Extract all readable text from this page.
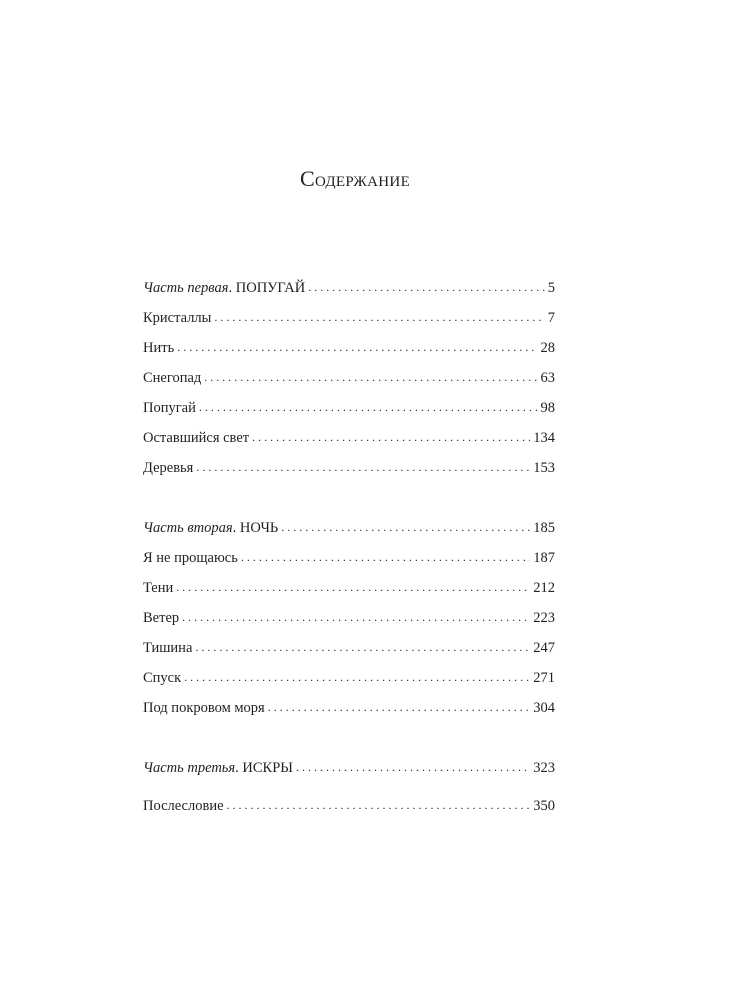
Содержание
Часть первая. ПОПУГАЙ . . .	5
Кристаллы . . .	7
Нить . . .	28
Снегопад . . .	63
Попугай . . .	98
Оставшийся свет . . .	134
Деревья . . .	153
Часть вторая. НОЧЬ . . .	185
Я не прощаюсь . . .	187
Тени . . .	212
Ветер . . .	223
Тишина . . .	247
Спуск . . .	271
Под покровом моря . . .	304
Часть третья. ИСКРЫ . . .	323
Послесловие . . .	350
